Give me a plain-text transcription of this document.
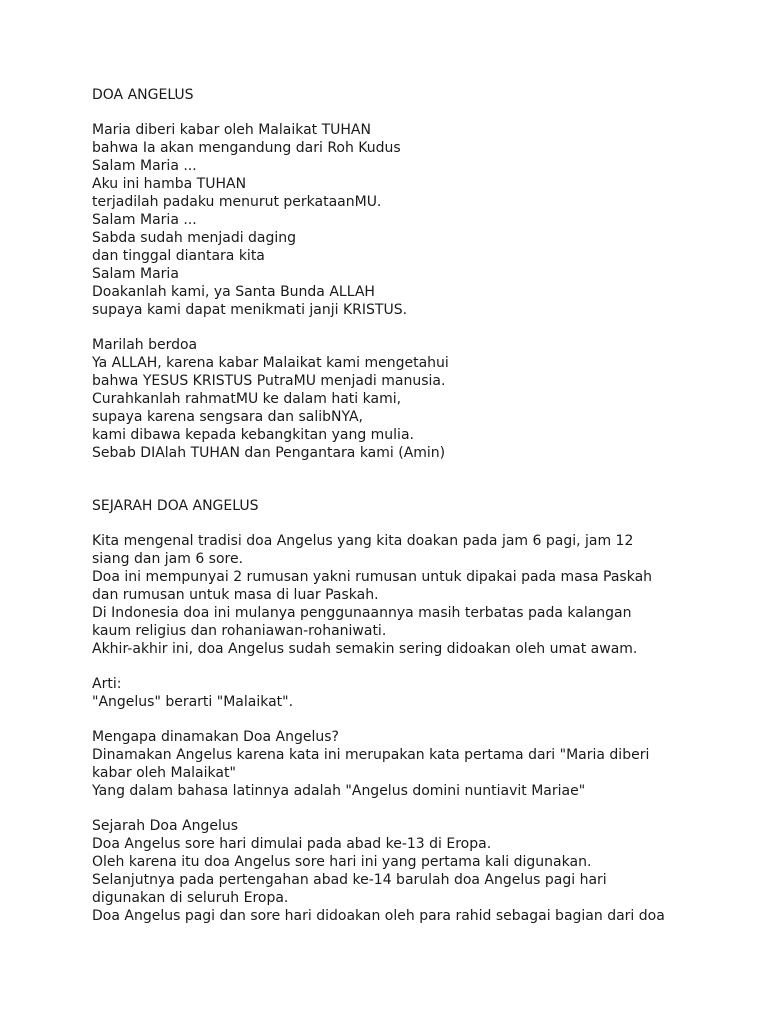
DOA ANGELUS

Maria diberi kabar oleh Malaikat TUHAN

bahwa Ia akan mengandung dari Roh Kudus

Salam Maria ...

Aku ini hamba TUHAN

terjadilah padaku menurut perkataanMU.

Salam Maria ...

Sabda sudah menjadi daging

dan tinggal diantara kita

Salam Maria

Doakanlah kami, ya Santa Bunda ALLAH

supaya kami dapat menikmati janji KRISTUS.

Marilah berdoa

Ya ALLAH, karena kabar Malaikat kami mengetahui

bahwa YESUS KRISTUS PutraMU menjadi manusia.

Curahkanlah rahmatMU ke dalam hati kami,

supaya karena sengsara dan salibNYA,

kami dibawa kepada kebangkitan yang mulia.

Sebab DIAlah TUHAN dan Pengantara kami (Amin)

SEJARAH DOA ANGELUS

Kita mengenal tradisi doa Angelus yang kita doakan pada jam 6 pagi, jam 12

siang dan jam 6 sore.

Doa ini mempunyai 2 rumusan yakni rumusan untuk dipakai pada masa Paskah

dan rumusan untuk masa di luar Paskah.

Di Indonesia doa ini mulanya penggunaannya masih terbatas pada kalangan

kaum religius dan rohaniawan-rohaniwati.

Akhir-akhir ini, doa Angelus sudah semakin sering didoakan oleh umat awam.

Arti:

"Angelus" berarti "Malaikat".

Mengapa dinamakan Doa Angelus?

Dinamakan Angelus karena kata ini merupakan kata pertama dari "Maria diberi

kabar oleh Malaikat"

Yang dalam bahasa latinnya adalah "Angelus domini nuntiavit Mariae"

Sejarah Doa Angelus

Doa Angelus sore hari dimulai pada abad ke-13 di Eropa.

Oleh karena itu doa Angelus sore hari ini yang pertama kali digunakan.

Selanjutnya pada pertengahan abad ke-14 barulah doa Angelus pagi hari

digunakan di seluruh Eropa.

Doa Angelus pagi dan sore hari didoakan oleh para rahid sebagai bagian dari doa
